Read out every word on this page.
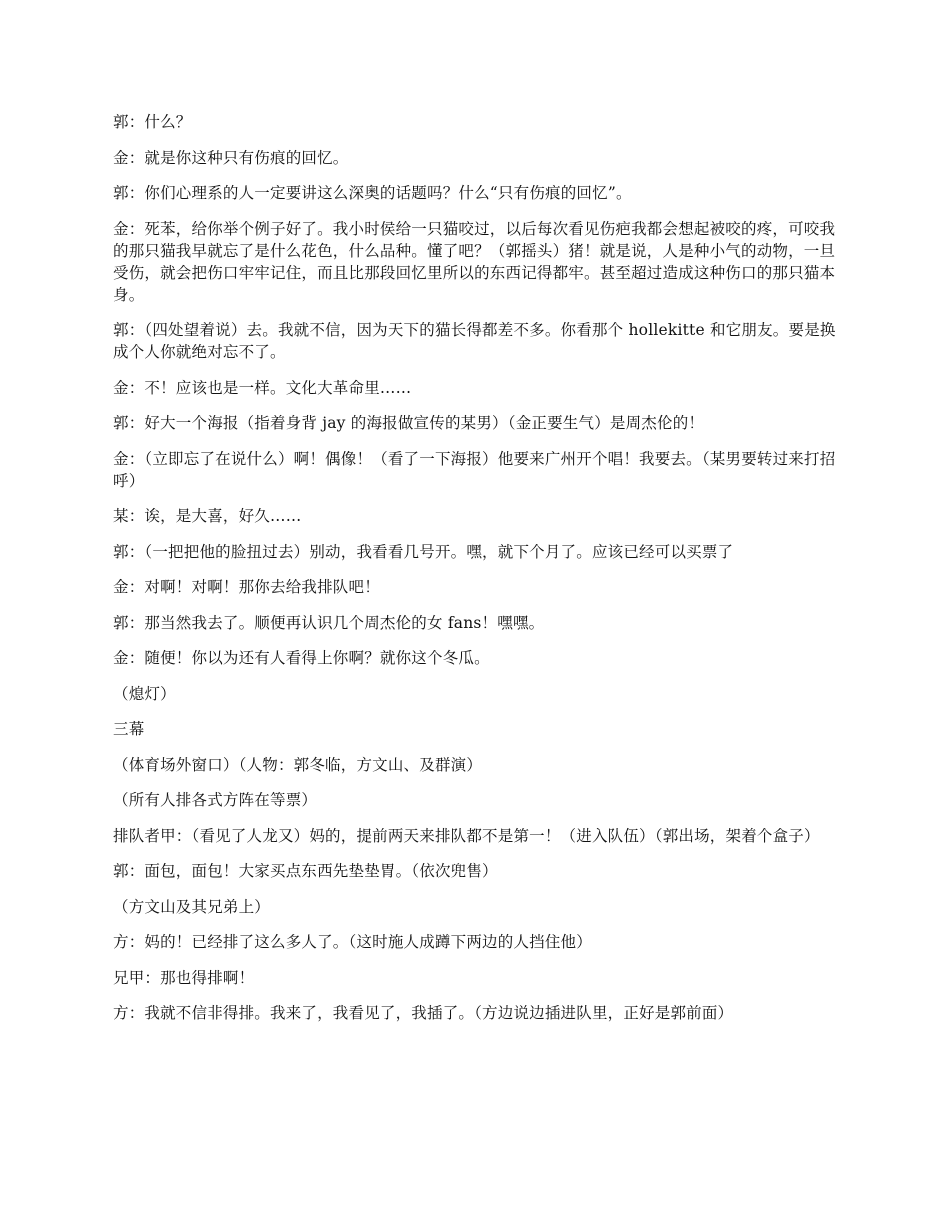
郭：什么？

金：就是你这种只有伤痕的回忆。

郭：你们心理系的人一定要讲这么深奥的话题吗？什么“只有伤痕的回忆”。

金：死苯，给你举个例子好了。我小时侯给一只猫咬过，以后每次看见伤疤我都会想起被咬的疼，可咬我的那只猫我早就忘了是什么花色，什么品种。懂了吧？（郭摇头）猪！就是说，人是种小气的动物，一旦受伤，就会把伤口牢牢记住，而且比那段回忆里所以的东西记得都牢。甚至超过造成这种伤口的那只猫本身。

郭：（四处望着说）去。我就不信，因为天下的猫长得都差不多。你看那个 hollekitte 和它朋友。要是换成个人你就绝对忘不了。

金：不！应该也是一样。文化大革命里……

郭：好大一个海报（指着身背 jay 的海报做宣传的某男）（金正要生气）是周杰伦的！

金：（立即忘了在说什么）啊！偶像！（看了一下海报）他要来广州开个唱！我要去。（某男要转过来打招呼）

某：诶，是大喜，好久……

郭：（一把把他的脸扭过去）别动，我看看几号开。嘿，就下个月了。应该已经可以买票了

金：对啊！对啊！那你去给我排队吧！

郭：那当然我去了。顺便再认识几个周杰伦的女 fans！嘿嘿。

金：随便！你以为还有人看得上你啊？就你这个冬瓜。

（熄灯）

三幕

（体育场外窗口）（人物：郭冬临，方文山、及群演）

（所有人排各式方阵在等票）

排队者甲：（看见了人龙又）妈的，提前两天来排队都不是第一！（进入队伍）（郭出场，架着个盒子）

郭：面包，面包！大家买点东西先垫垫胃。（依次兜售）

（方文山及其兄弟上）

方：妈的！已经排了这么多人了。（这时施人成蹲下两边的人挡住他）

兄甲：那也得排啊！

方：我就不信非得排。我来了，我看见了，我插了。（方边说边插进队里，正好是郭前面）
